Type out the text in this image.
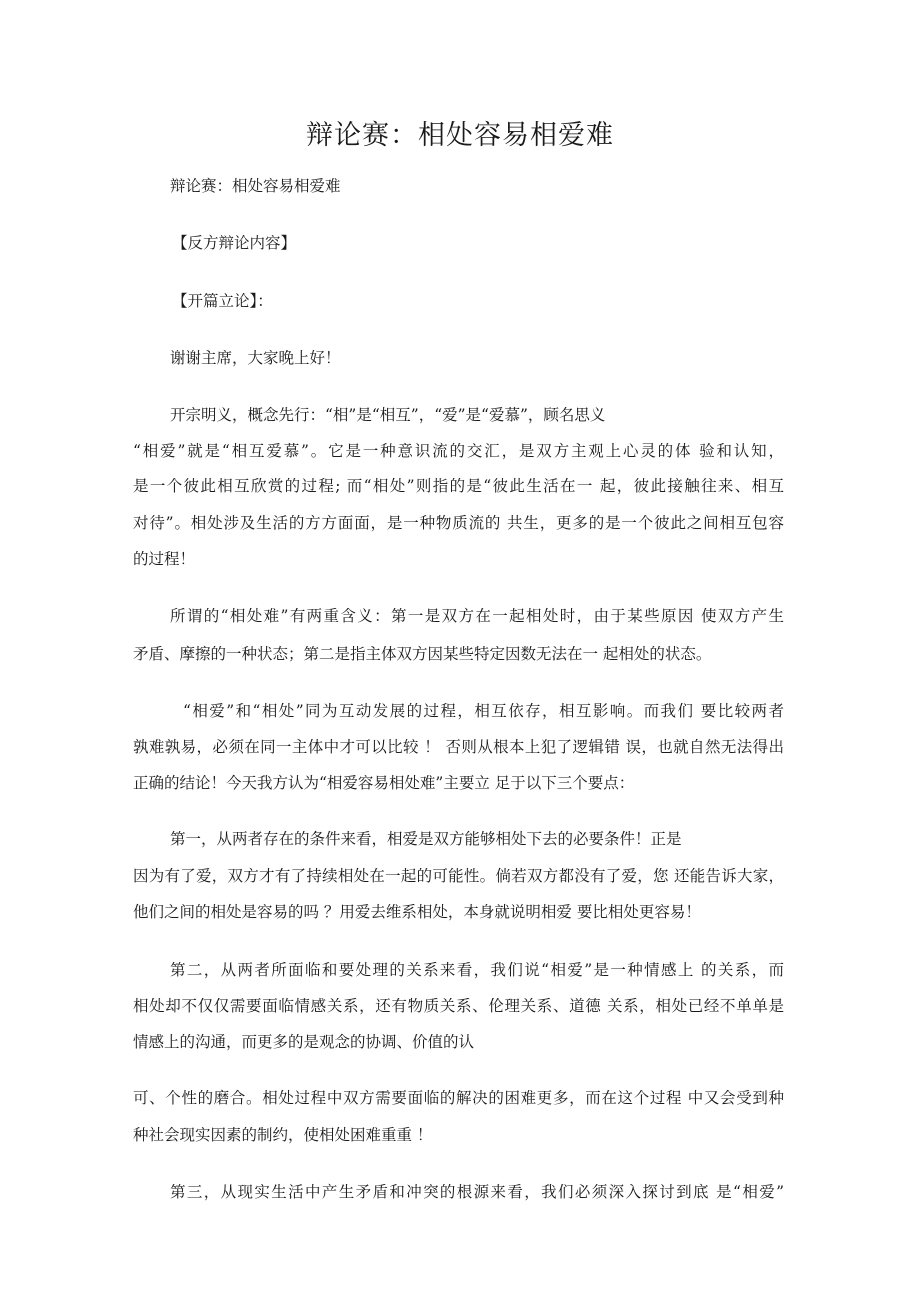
辩论赛：相处容易相爱难

辩论赛：相处容易相爱难

【反方辩论内容】

【开篇立论】：

谢谢主席，大家晚上好！

开宗明义，概念先行：“相”是“相互”，“爱”是“爱慕”，顾名思义

“相爱”就是“相互爱慕”。它是一种意识流的交汇，是双方主观上心灵的体 验和认知，

是一个彼此相互欣赏的过程; 而“相处”则指的是“彼此生活在一 起，彼此接触往来、相互

对待”。相处涉及生活的方方面面，是一种物质流的 共生，更多的是一个彼此之间相互包容

的过程！

所谓的“相处难”有两重含义：第一是双方在一起相处时，由于某些原因 使双方产生

矛盾、摩擦的一种状态；第二是指主体双方因某些特定因数无法在一 起相处的状态。

“相爱”和“相处”同为互动发展的过程，相互依存，相互影响。而我们 要比较两者

孰难孰易，必须在同一主体中才可以比较 ！ 否则从根本上犯了逻辑错 误，也就自然无法得出

正确的结论！今天我方认为“相爱容易相处难”主要立 足于以下三个要点：

第一，从两者存在的条件来看，相爱是双方能够相处下去的必要条件！正是

因为有了爱，双方才有了持续相处在一起的可能性。倘若双方都没有了爱，您 还能告诉大家，

他们之间的相处是容易的吗 ？用爱去维系相处，本身就说明相爱 要比相处更容易！

第二，从两者所面临和要处理的关系来看，我们说“相爱”是一种情感上 的关系，而

相处却不仅仅需要面临情感关系，还有物质关系、伦理关系、道德 关系，相处已经不单单是

情感上的沟通，而更多的是观念的协调、价值的认

可、个性的磨合。相处过程中双方需要面临的解决的困难更多，而在这个过程 中又会受到种

种社会现实因素的制约，使相处困难重重 ！

第三，从现实生活中产生矛盾和冲突的根源来看，我们必须深入探讨到底 是“相爱”
